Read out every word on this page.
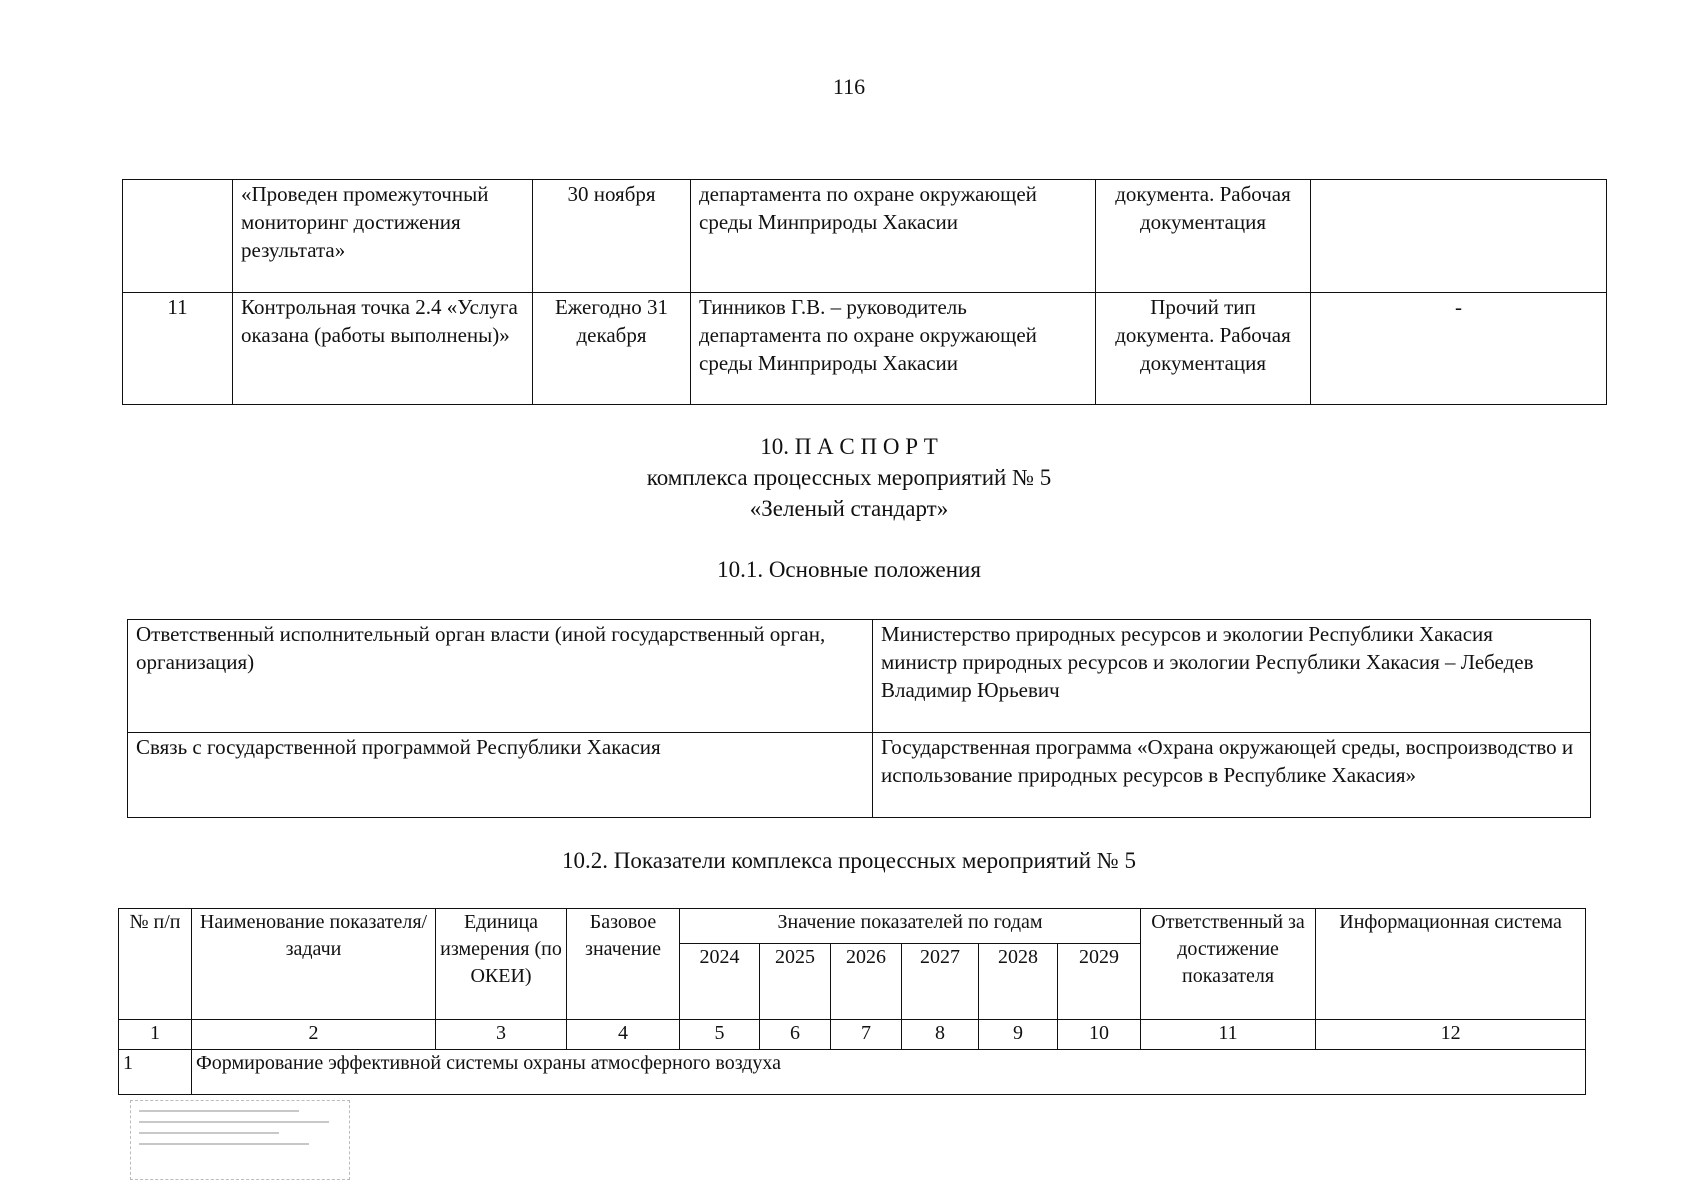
116
	«Проведен промежуточный мониторинг достижения результата»	30 ноября	департамента по охране окружающей среды Минприроды Хакасии	документа. Рабочая документация	
11	Контрольная точка 2.4 «Услуга оказана (работы выполнены)»	Ежегодно 31 декабря	Тинников Г.В. – руководитель департамента по охране окружающей среды Минприроды Хакасии	Прочий тип документа. Рабочая документация	-
10. П А С П О Р Т
комплекса процессных мероприятий № 5
«Зеленый стандарт»
10.1. Основные положения
Ответственный исполнительный орган власти (иной государственный орган, организация)	Министерство природных ресурсов и экологии Республики Хакасия
министр природных ресурсов и экологии Республики Хакасия – Лебедев Владимир Юрьевич

Связь с государственной программой Республики Хакасия	Государственная программа «Охрана окружающей среды, воспроизводство и использование природных ресурсов в Республике Хакасия»
10.2. Показатели комплекса процессных мероприятий № 5
№ п/п	Наименование показателя/ задачи	Единица измерения (по ОКЕИ)	Базовое значение	Значение показателей по годам						Ответственный за достижение показателя	Информационная система
				2024	2025	2026	2027	2028	2029		
1	2	3	4	5	6	7	8	9	10	11	12
1	Формирование эффективной системы охраны атмосферного воздуха										
